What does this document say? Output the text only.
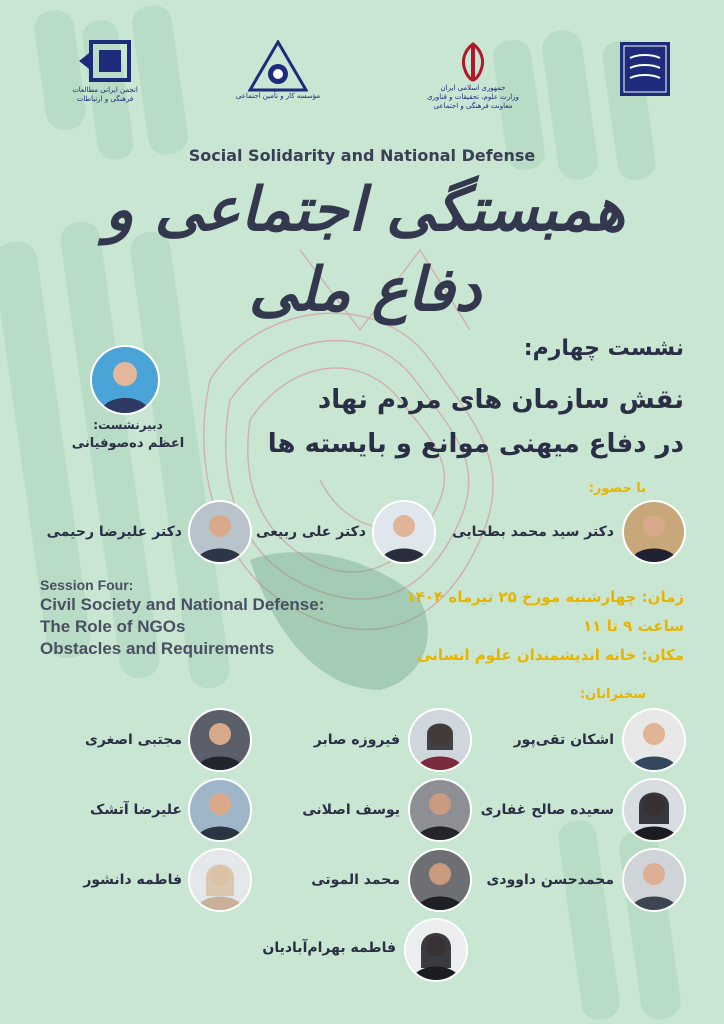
انجمن ایرانی مطالعات فرهنگی و ارتباطات	مؤسسه کار و تأمین اجتماعی
جمهوری اسلامی ایران
وزارت علوم، تحقیقات و فناوری
معاونت فرهنگی و اجتماعی
Social Solidarity and National Defense
همبستگی اجتماعی و دفاع ملی
نشست چهارم:
نقش سازمان های مردم نهاد
در دفاع میهنی موانع و بایسته ها
دبیرنشست:
اعظم ده‌صوفیانی
با حضور:
دکتر سید محمد بطحایی
دکتر علی ربیعی
دکتر علیرضا رحیمی
Session Four:
Civil Society and National Defense:
The Role of NGOs
Obstacles and Requirements
زمان: چهارشنبه مورخ ۲۵ تیرماه ۱۴۰۴
ساعت ۹ تا ۱۱
مکان: خانه اندیشمندان علوم انسانی
سخنرانان:
اشکان تقی‌پور
فیروزه صابر
مجتبی اصغری
سعیده صالح غفاری
یوسف اصلانی
علیرضا آتشک
محمدحسن داوودی
محمد الموتی
فاطمه دانشور
فاطمه بهرام‌آبادیان
